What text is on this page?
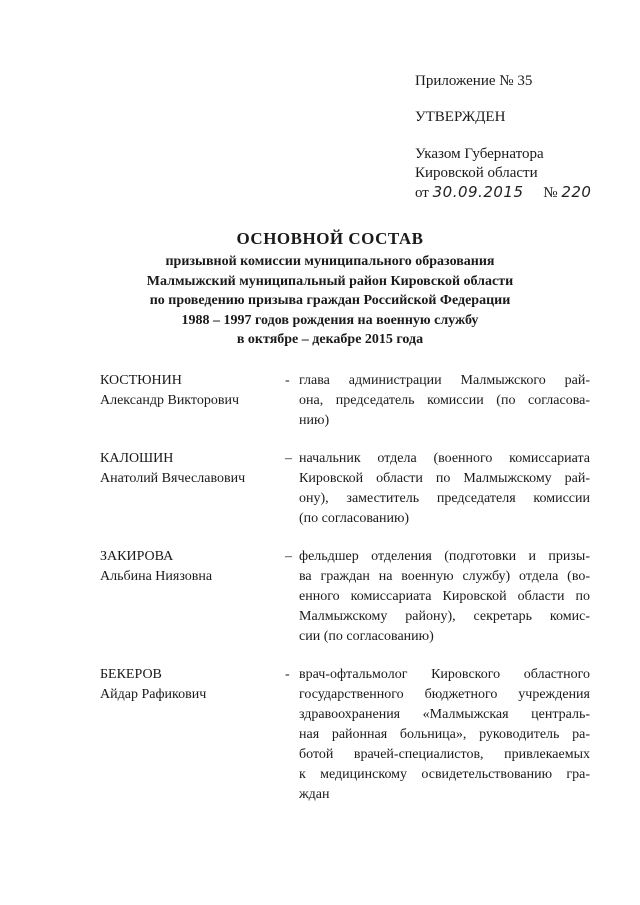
Приложение № 35
УТВЕРЖДЕН
Указом Губернатора
Кировской области
от 30.09.2015 № 220
ОСНОВНОЙ СОСТАВ
призывной комиссии муниципального образования
Малмыжский муниципальный район Кировской области
по проведению призыва граждан Российской Федерации
1988 – 1997 годов рождения на военную службу
в октябре – декабре 2015 года
КОСТЮНИН
Александр Викторович
- глава администрации Малмыжского рай-
она, председатель комиссии (по согласова-
нию)
КАЛОШИН
Анатолий Вячеславович
– начальник отдела (военного комиссариата
Кировской области по Малмыжскому рай-
ону), заместитель председателя комиссии
(по согласованию)
ЗАКИРОВА
Альбина Ниязовна
– фельдшер отделения (подготовки и призы-
ва граждан на военную службу) отдела (во-
енного комиссариата Кировской области по
Малмыжскому району), секретарь комис-
сии (по согласованию)
БЕКЕРОВ
Айдар Рафикович
- врач-офтальмолог Кировского областного
государственного бюджетного учреждения
здравоохранения «Малмыжская централь-
ная районная больница», руководитель ра-
ботой врачей-специалистов, привлекаемых
к медицинскому освидетельствованию гра-
ждан
